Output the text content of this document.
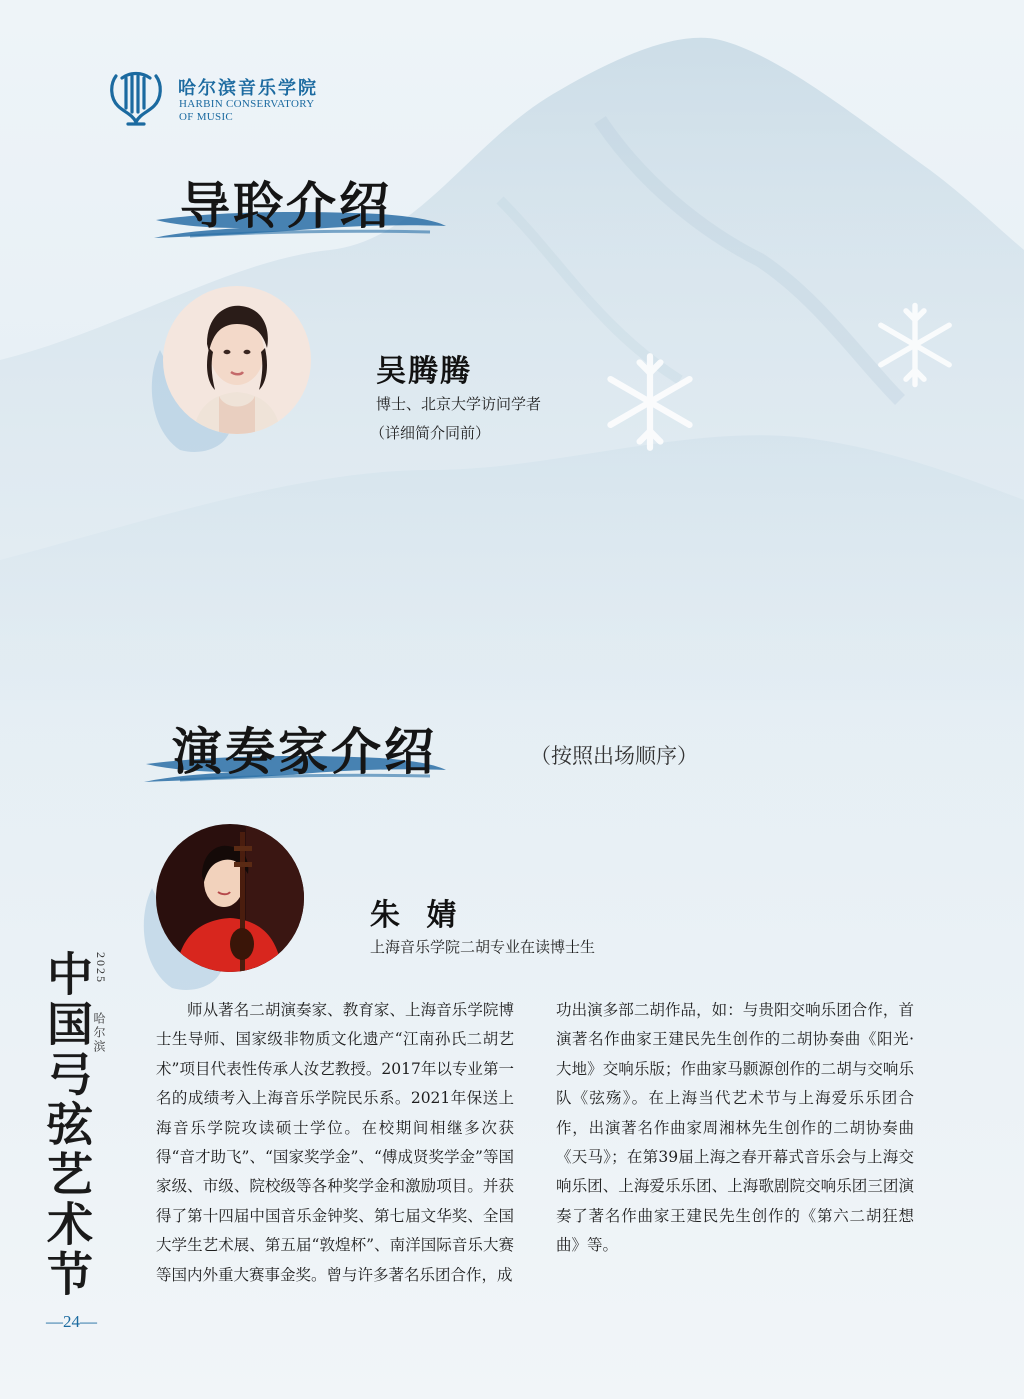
哈尔滨音乐学院
HARBIN CONSERVATORY
OF MUSIC
导聆介绍
吴腾腾
博士、北京大学访问学者
（详细简介同前）
演奏家介绍	（按照出场顺序）
朱 婧
上海音乐学院二胡专业在读博士生

师从著名二胡演奏家、教育家、上海音乐学院博士生导师、国家级非物质文化遗产“江南孙氏二胡艺术”项目代表性传承人汝艺教授。2017年以专业第一名的成绩考入上海音乐学院民乐系。2021年保送上海音乐学院攻读硕士学位。在校期间相继多次获得“音才助飞”、“国家奖学金”、“傅成贤奖学金”等国家级、市级、院校级等各种奖学金和激励项目。并获得了第十四届中国音乐金钟奖、第七届文华奖、全国大学生艺术展、第五届“敦煌杯”、南洋国际音乐大赛等国内外重大赛事金奖。曾与许多著名乐团合作，成

功出演多部二胡作品，如：与贵阳交响乐团合作，首演著名作曲家王建民先生创作的二胡协奏曲《阳光·大地》交响乐版；作曲家马颢源创作的二胡与交响乐队《弦殇》。在上海当代艺术节与上海爱乐乐团合作，出演著名作曲家周湘林先生创作的二胡协奏曲《天马》；在第39届上海之春开幕式音乐会与上海交响乐团、上海爱乐乐团、上海歌剧院交响乐团三团演奏了著名作曲家王建民先生创作的《第六二胡狂想曲》等。

中国弓弦艺术节 2025
哈尔滨
—24—
